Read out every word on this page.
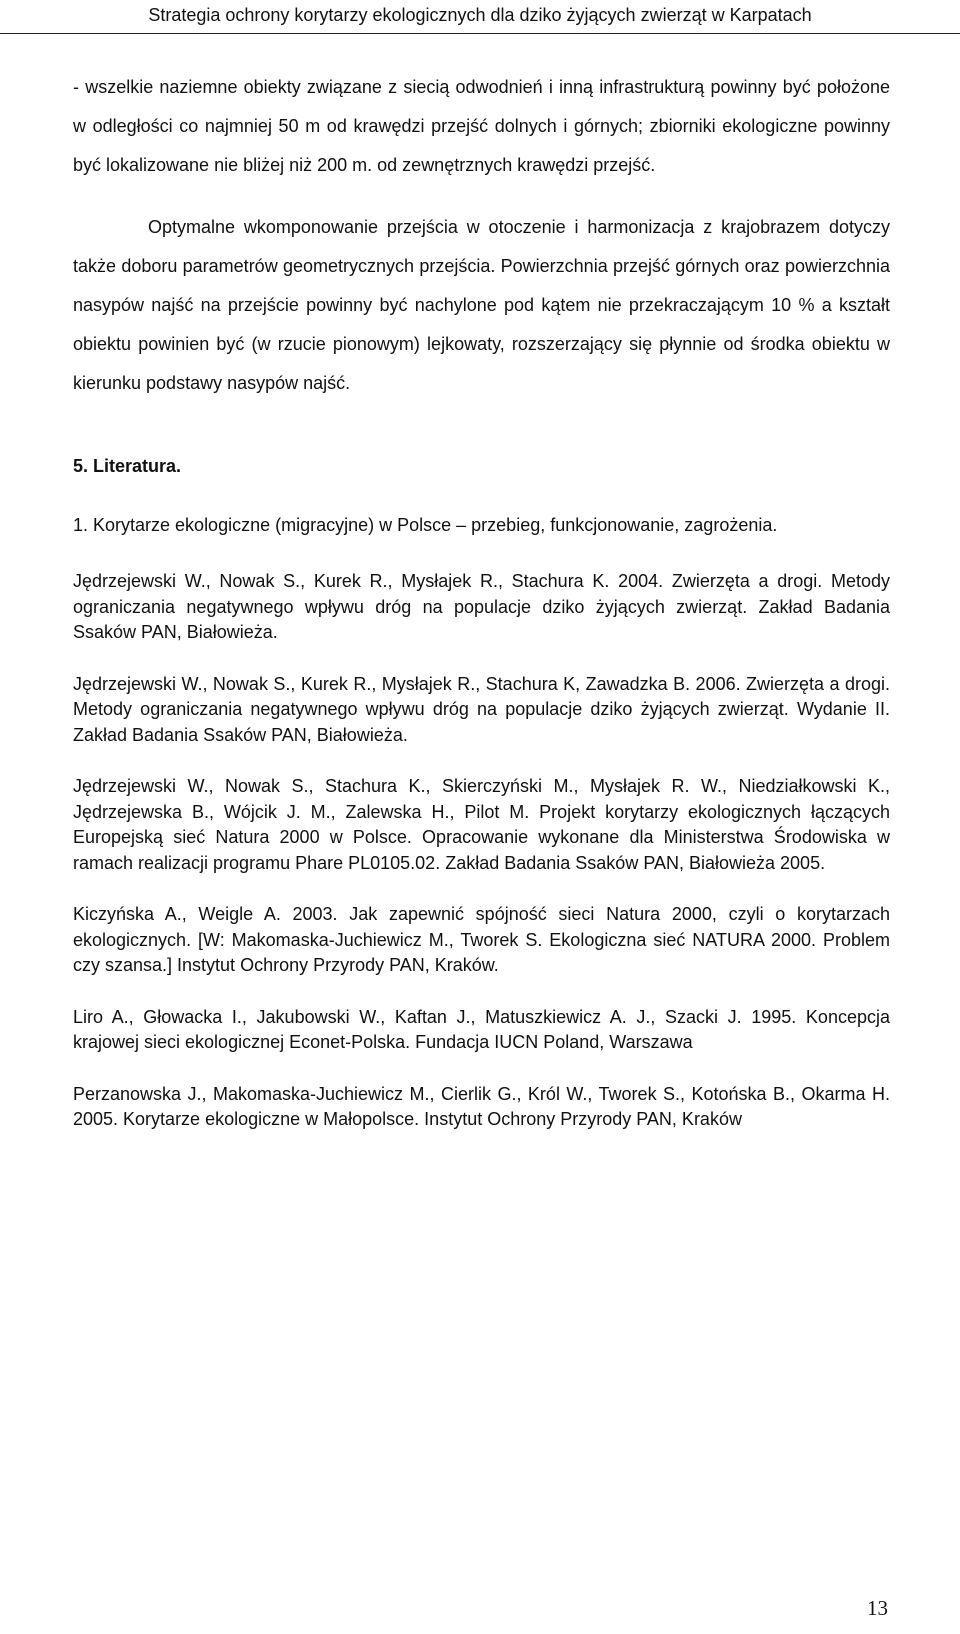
Strategia ochrony korytarzy ekologicznych dla dziko żyjących zwierząt w Karpatach

- wszelkie naziemne obiekty związane z siecią odwodnień i inną infrastrukturą powinny być położone w odległości co najmniej 50 m od krawędzi przejść dolnych i górnych; zbiorniki ekologiczne powinny być lokalizowane nie bliżej niż 200 m. od zewnętrznych krawędzi przejść.

Optymalne wkomponowanie przejścia w otoczenie i harmonizacja z krajobrazem dotyczy także doboru parametrów geometrycznych przejścia. Powierzchnia przejść górnych oraz powierzchnia nasypów najść na przejście powinny być nachylone pod kątem nie przekraczającym 10 % a kształt obiektu powinien być (w rzucie pionowym) lejkowaty, rozszerzający się płynnie od środka obiektu w kierunku podstawy nasypów najść.

5. Literatura.

1. Korytarze ekologiczne (migracyjne) w Polsce – przebieg, funkcjonowanie, zagrożenia.

Jędrzejewski W., Nowak S., Kurek R., Mysłajek R., Stachura K. 2004. Zwierzęta a drogi. Metody ograniczania negatywnego wpływu dróg na populacje dziko żyjących zwierząt. Zakład Badania Ssaków PAN, Białowieża.

Jędrzejewski W., Nowak S., Kurek R., Mysłajek R., Stachura K, Zawadzka B. 2006. Zwierzęta a drogi. Metody ograniczania negatywnego wpływu dróg na populacje dziko żyjących zwierząt. Wydanie II. Zakład Badania Ssaków PAN, Białowieża.

Jędrzejewski W., Nowak S., Stachura K., Skierczyński M., Mysłajek R. W., Niedziałkowski K., Jędrzejewska B., Wójcik J. M., Zalewska H., Pilot M. Projekt korytarzy ekologicznych łączących Europejską sieć Natura 2000 w Polsce. Opracowanie wykonane dla Ministerstwa Środowiska w ramach realizacji programu Phare PL0105.02. Zakład Badania Ssaków PAN, Białowieża 2005.

Kiczyńska A., Weigle A. 2003. Jak zapewnić spójność sieci Natura 2000, czyli o korytarzach ekologicznych. [W: Makomaska-Juchiewicz M., Tworek S. Ekologiczna sieć NATURA 2000. Problem czy szansa.] Instytut Ochrony Przyrody PAN, Kraków.

Liro A., Głowacka I., Jakubowski W., Kaftan J., Matuszkiewicz A. J., Szacki J. 1995. Koncepcja krajowej sieci ekologicznej Econet-Polska. Fundacja IUCN Poland, Warszawa

Perzanowska J., Makomaska-Juchiewicz M., Cierlik G., Król W., Tworek S., Kotońska B., Okarma H. 2005. Korytarze ekologiczne w Małopolsce. Instytut Ochrony Przyrody PAN, Kraków

13
